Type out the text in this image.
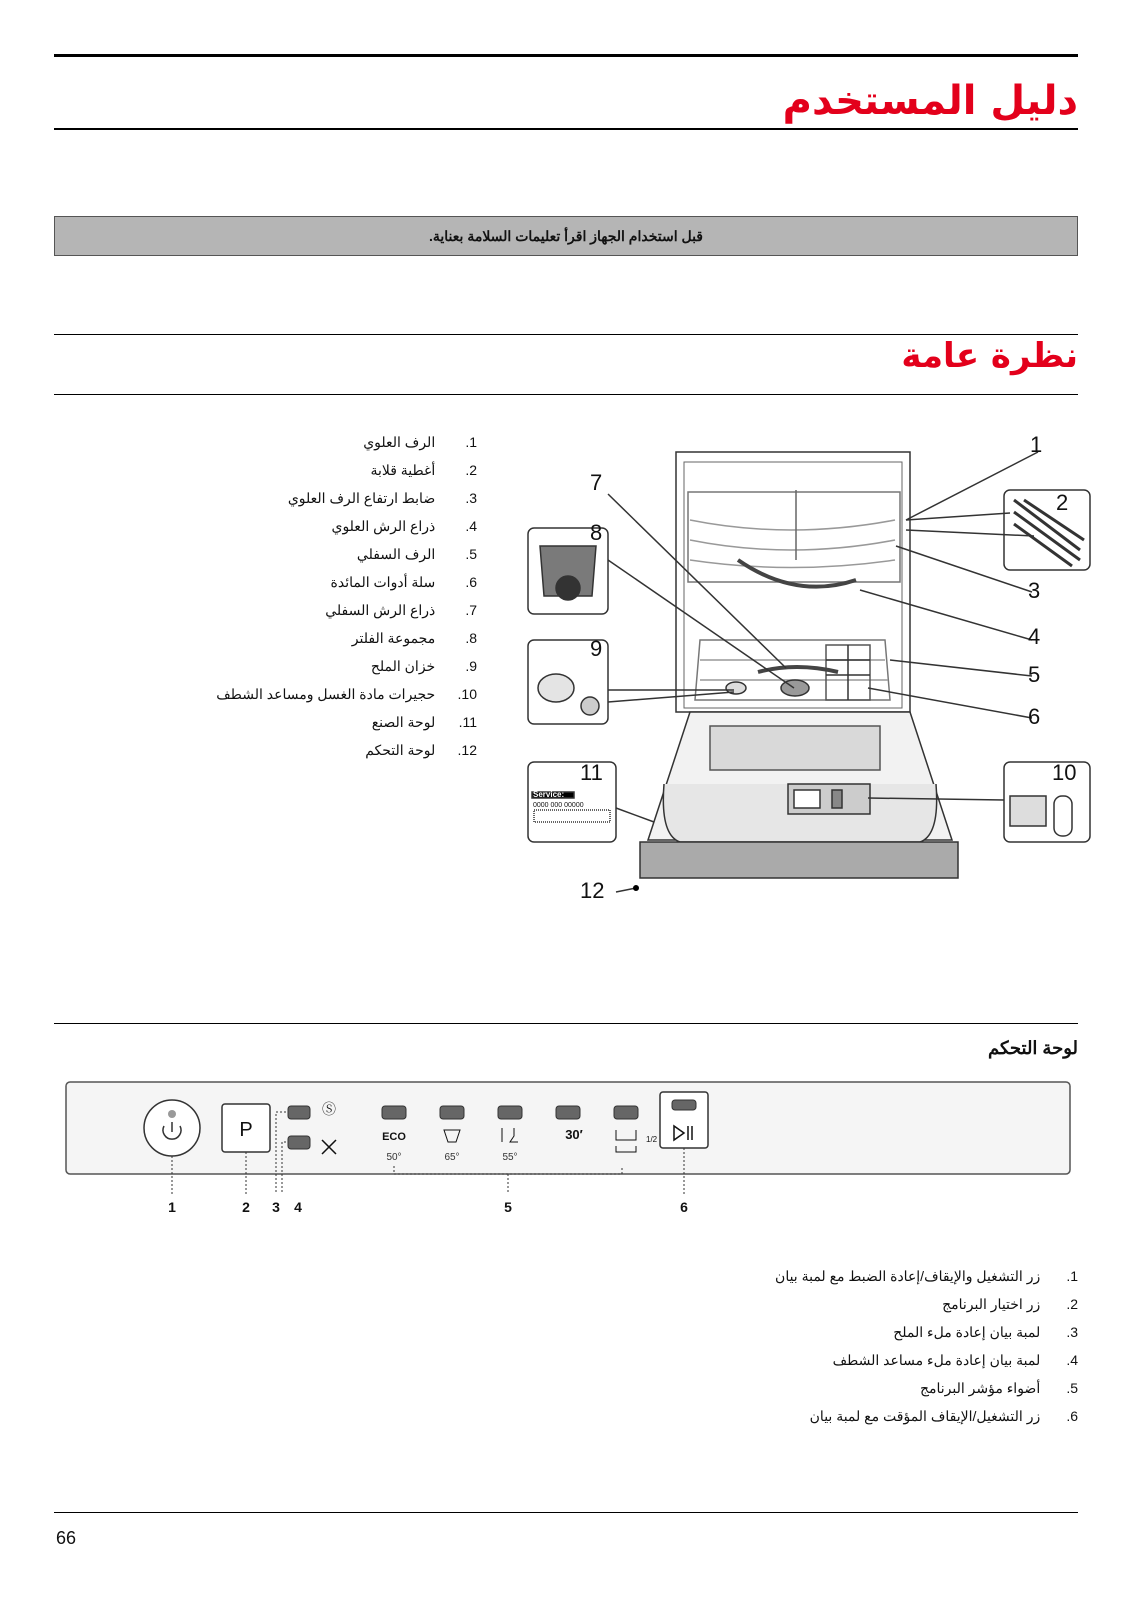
دليل المستخدم
قبل استخدام الجهاز اقرأ تعليمات السلامة بعناية.
نظرة عامة
1.  الرف العلوي
2.  أغطية قلابة
3.  ضابط ارتفاع الرف العلوي
4.  ذراع الرش العلوي
5.  الرف السفلي
6.  سلة أدوات المائدة
7.  ذراع الرش السفلي
8.  مجموعة الفلتر
9.  خزان الملح
10.  حجيرات مادة الغسل ومساعد الشطف
11.  لوحة الصنع
12.  لوحة التحكم
1
2
3
4
5
6
7
8
9
10
11
12
Service:
0000 000 00000
لوحة التحكم
P
Ⓢ
ECO
50°	65°	55°
30′	1/2
1	2 3 4	5	6
1.  زر التشغيل والإيقاف/إعادة الضبط مع لمبة بيان
2.  زر اختيار البرنامج
3.  لمبة بيان إعادة ملء الملح
4.  لمبة بيان إعادة ملء مساعد الشطف
5.  أضواء مؤشر البرنامج
6.  زر التشغيل/الإيقاف المؤقت مع لمبة بيان
66
